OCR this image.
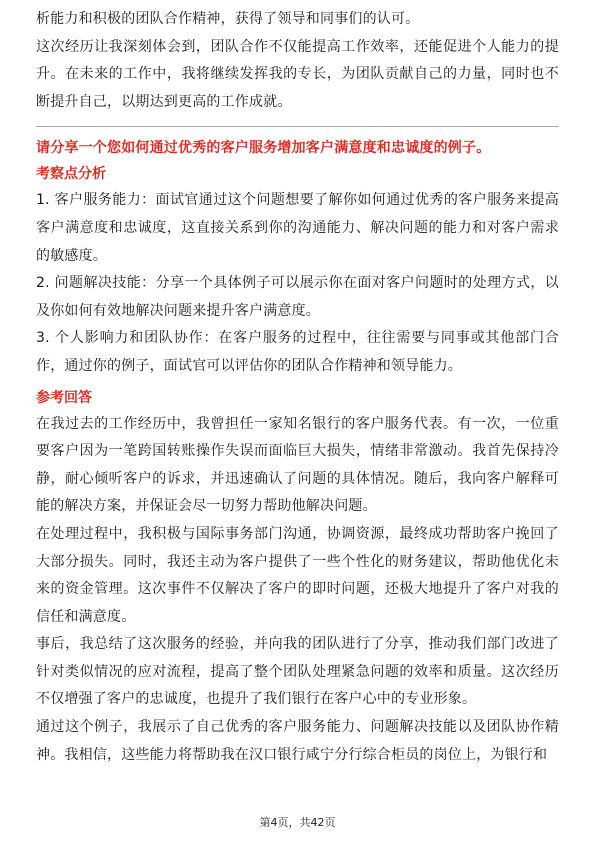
析能力和积极的团队合作精神，获得了领导和同事们的认可。

这次经历让我深刻体会到，团队合作不仅能提高工作效率，还能促进个人能力的提升。在未来的工作中，我将继续发挥我的专长，为团队贡献自己的力量，同时也不断提升自己，以期达到更高的工作成就。

请分享一个您如何通过优秀的客户服务增加客户满意度和忠诚度的例子。

考察点分析

1. 客户服务能力：面试官通过这个问题想要了解你如何通过优秀的客户服务来提高客户满意度和忠诚度，这直接关系到你的沟通能力、解决问题的能力和对客户需求的敏感度。

2. 问题解决技能：分享一个具体例子可以展示你在面对客户问题时的处理方式，以及你如何有效地解决问题来提升客户满意度。

3. 个人影响力和团队协作：在客户服务的过程中，往往需要与同事或其他部门合作，通过你的例子，面试官可以评估你的团队合作精神和领导能力。

参考回答

在我过去的工作经历中，我曾担任一家知名银行的客户服务代表。有一次，一位重要客户因为一笔跨国转账操作失误而面临巨大损失，情绪非常激动。我首先保持冷静，耐心倾听客户的诉求，并迅速确认了问题的具体情况。随后，我向客户解释可能的解决方案，并保证会尽一切努力帮助他解决问题。

在处理过程中，我积极与国际事务部门沟通，协调资源，最终成功帮助客户挽回了大部分损失。同时，我还主动为客户提供了一些个性化的财务建议，帮助他优化未来的资金管理。这次事件不仅解决了客户的即时问题，还极大地提升了客户对我的信任和满意度。

事后，我总结了这次服务的经验，并向我的团队进行了分享，推动我们部门改进了针对类似情况的应对流程，提高了整个团队处理紧急问题的效率和质量。这次经历不仅增强了客户的忠诚度，也提升了我们银行在客户心中的专业形象。

通过这个例子，我展示了自己优秀的客户服务能力、问题解决技能以及团队协作精神。我相信，这些能力将帮助我在汉口银行咸宁分行综合柜员的岗位上，为银行和

第4页，共42页
